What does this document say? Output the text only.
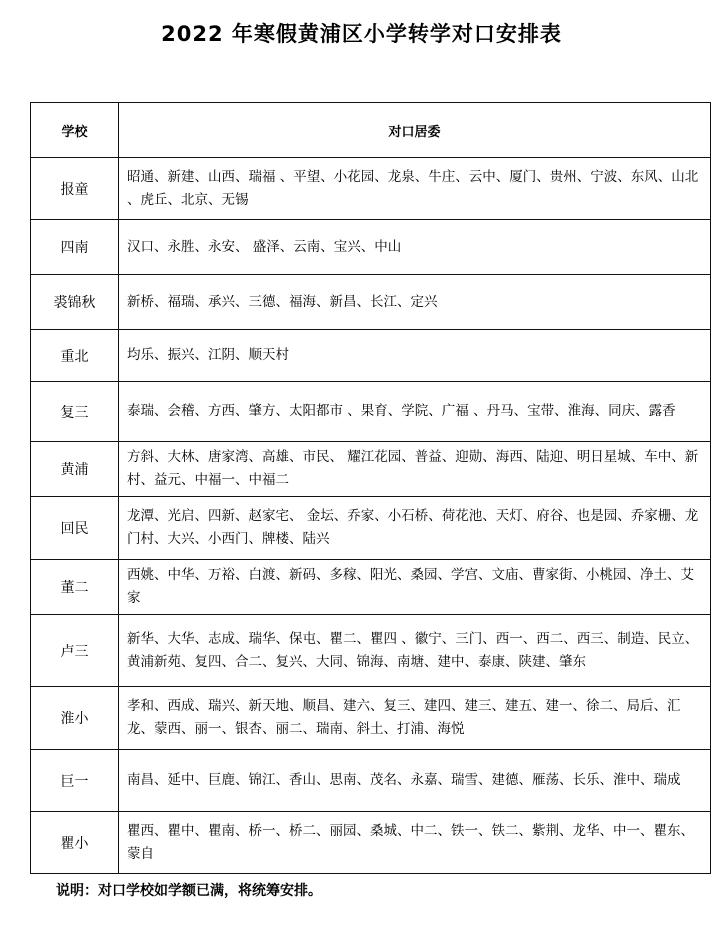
2022 年寒假黄浦区小学转学对口安排表
学校	对口居委
报童	昭通、新建、山西、瑞福 、平望、小花园、龙泉、牛庄、云中、厦门、贵州、宁波、东风、山北 、虎丘、北京、无锡
四南	汉口、永胜、永安、 盛泽、云南、宝兴、中山
裘锦秋	新桥、福瑞、承兴、三德、福海、新昌、长江、定兴
重北	均乐、振兴、江阴、顺天村
复三	泰瑞、会稽、方西、肇方、太阳都市 、果育、学院、广福 、丹马、宝带、淮海、同庆、露香
黄浦	方斜、大林、唐家湾、高雄、市民、 耀江花园、普益、迎勋、海西、陆迎、明日星城、车中、新村、益元、中福一、中福二
回民	龙潭、光启、四新、赵家宅、 金坛、乔家、小石桥、荷花池、天灯、府谷、也是园、乔家栅、龙门村、大兴、小西门、牌楼、陆兴
董二	西姚、中华、万裕、白渡、新码、多稼、阳光、桑园、学宫、文庙、曹家街、小桃园、净土、艾家
卢三	新华、大华、志成、瑞华、保屯、瞿二、瞿四 、徽宁、三门、西一、西二、西三、制造、民立、黄浦新苑、复四、合二、复兴、大同、锦海、南塘、建中、泰康、陕建、肇东
淮小	孝和、西成、瑞兴、新天地、顺昌、建六、复三、建四、建三、建五、建一、徐二、局后、汇龙、蒙西、丽一、银杏、丽二、瑞南、斜土、打浦、海悦
巨一	南昌、延中、巨鹿、锦江、香山、思南、茂名、永嘉、瑞雪、建德、雁荡、长乐、淮中、瑞成
瞿小	瞿西、瞿中、瞿南、桥一、桥二、丽园、桑城、中二、铁一、铁二、紫荆、龙华、中一、瞿东、蒙自
说明：对口学校如学额已满，将统筹安排。
